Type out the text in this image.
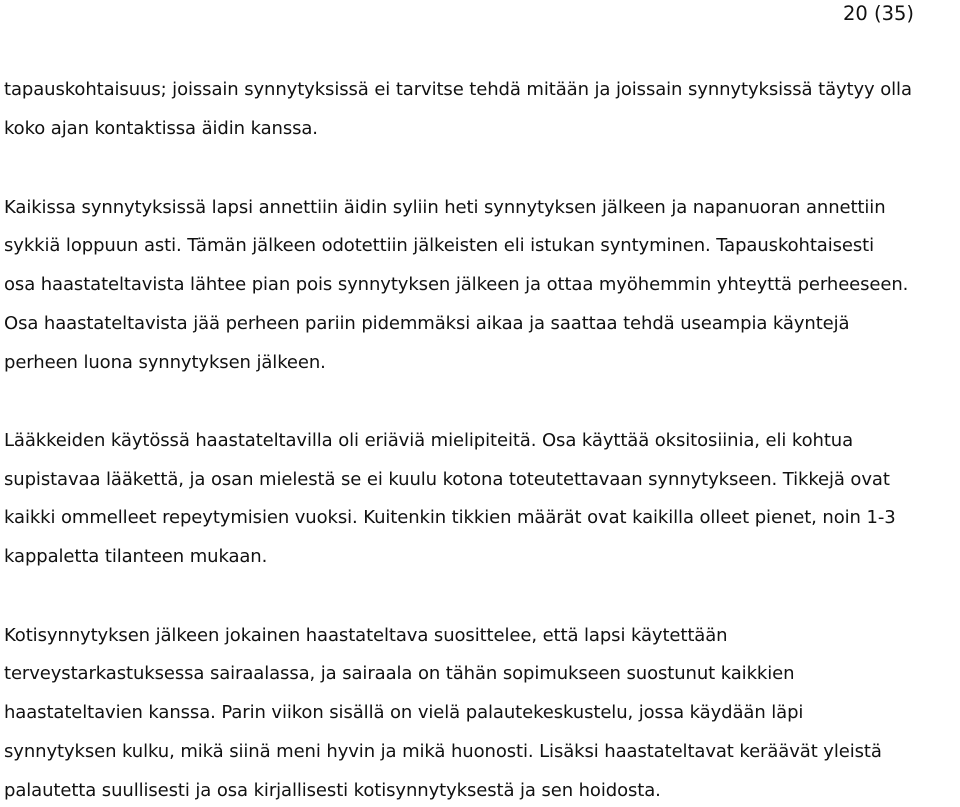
20 (35)
tapauskohtaisuus; joissain synnytyksissä ei tarvitse tehdä mitään ja joissain synnytyksissä täytyy olla
koko ajan kontaktissa äidin kanssa.
Kaikissa synnytyksissä lapsi annettiin äidin syliin heti synnytyksen jälkeen ja napanuoran annettiin
sykkiä loppuun asti. Tämän jälkeen odotettiin jälkeisten eli istukan syntyminen. Tapauskohtaisesti
osa haastateltavista lähtee pian pois synnytyksen jälkeen ja ottaa myöhemmin yhteyttä perheeseen.
Osa haastateltavista jää perheen pariin pidemmäksi aikaa ja saattaa tehdä useampia käyntejä
perheen luona synnytyksen jälkeen.
Lääkkeiden käytössä haastateltavilla oli eriäviä mielipiteitä. Osa käyttää oksitosiinia, eli kohtua
supistavaa lääkettä, ja osan mielestä se ei kuulu kotona toteutettavaan synnytykseen. Tikkejä ovat
kaikki ommelleet repeytymisien vuoksi. Kuitenkin tikkien määrät ovat kaikilla olleet pienet, noin 1-3
kappaletta tilanteen mukaan.
Kotisynnytyksen jälkeen jokainen haastateltava suosittelee, että lapsi käytettään
terveystarkastuksessa sairaalassa, ja sairaala on tähän sopimukseen suostunut kaikkien
haastateltavien kanssa. Parin viikon sisällä on vielä palautekeskustelu, jossa käydään läpi
synnytyksen kulku, mikä siinä meni hyvin ja mikä huonosti. Lisäksi haastateltavat keräävät yleistä
palautetta suullisesti ja osa kirjallisesti kotisynnytyksestä ja sen hoidosta.
